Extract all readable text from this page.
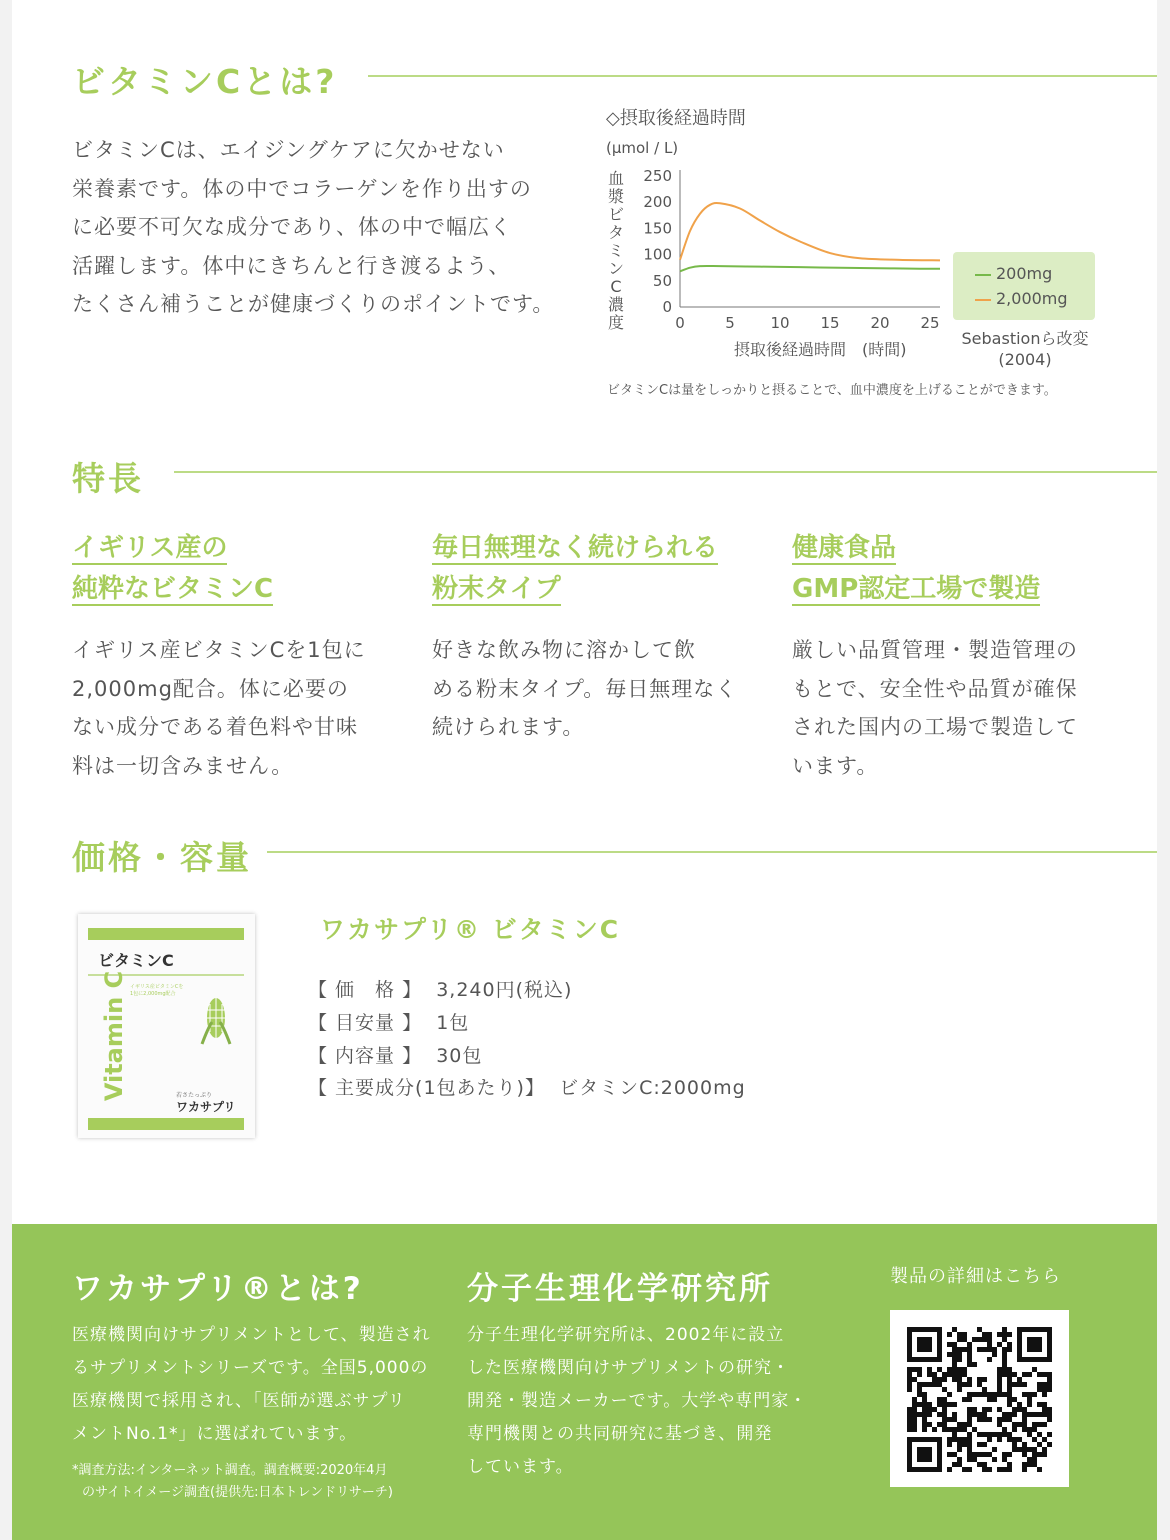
ビタミンCとは?
ビタミンCは、エイジングケアに欠かせない
栄養素です。体の中でコラーゲンを作り出すの
に必要不可欠な成分であり、体の中で幅広く
活躍します。体中にきちんと行き渡るよう、
たくさん補うことが健康づくりのポイントです。
◇摂取後経過時間
(μmol / L)
血漿ビタミンC濃度
250
200
150
100
50
0
0	5 10 15 20 25
摂取後経過時間　(時間)
200mg
2,000mg
Sebastionら改変
(2004)
ビタミンCは量をしっかりと摂ることで、血中濃度を上げることができます。
特長
イギリス産の
純粋なビタミンC
毎日無理なく続けられる
粉末タイプ
健康食品
GMP認定工場で製造
イギリス産ビタミンCを1包に
2,000mg配合。体に必要の
ない成分である着色料や甘味
料は一切含みません。
好きな飲み物に溶かして飲
める粉末タイプ。毎日無理なく
続けられます。
厳しい品質管理・製造管理の
もとで、安全性や品質が確保
された国内の工場で製造して
います。
価格・容量
ビタミンC
Vitamin C イギリス産ビタミンCを
1包に2,000mg配合
若さたっぷり
ワカサプリ
ワカサプリ® ビタミンC
【 価　格 】 3,240円(税込)
【 目安量 】 1包
【 内容量 】 30包
【 主要成分(1包あたり)】 ビタミンC:2000mg
ワカサプリ®とは?
医療機関向けサプリメントとして、製造され
るサプリメントシリーズです。全国5,000の
医療機関で採用され、「医師が選ぶサプリ
メントNo.1*」に選ばれています。
*調査方法:インターネット調査。調査概要:2020年4月
のサイトイメージ調査(提供先:日本トレンドリサーチ)
分子生理化学研究所
分子生理化学研究所は、2002年に設立
した医療機関向けサプリメントの研究・
開発・製造メーカーです。大学や専門家・
専門機関との共同研究に基づき、開発
しています。
製品の詳細はこちら
